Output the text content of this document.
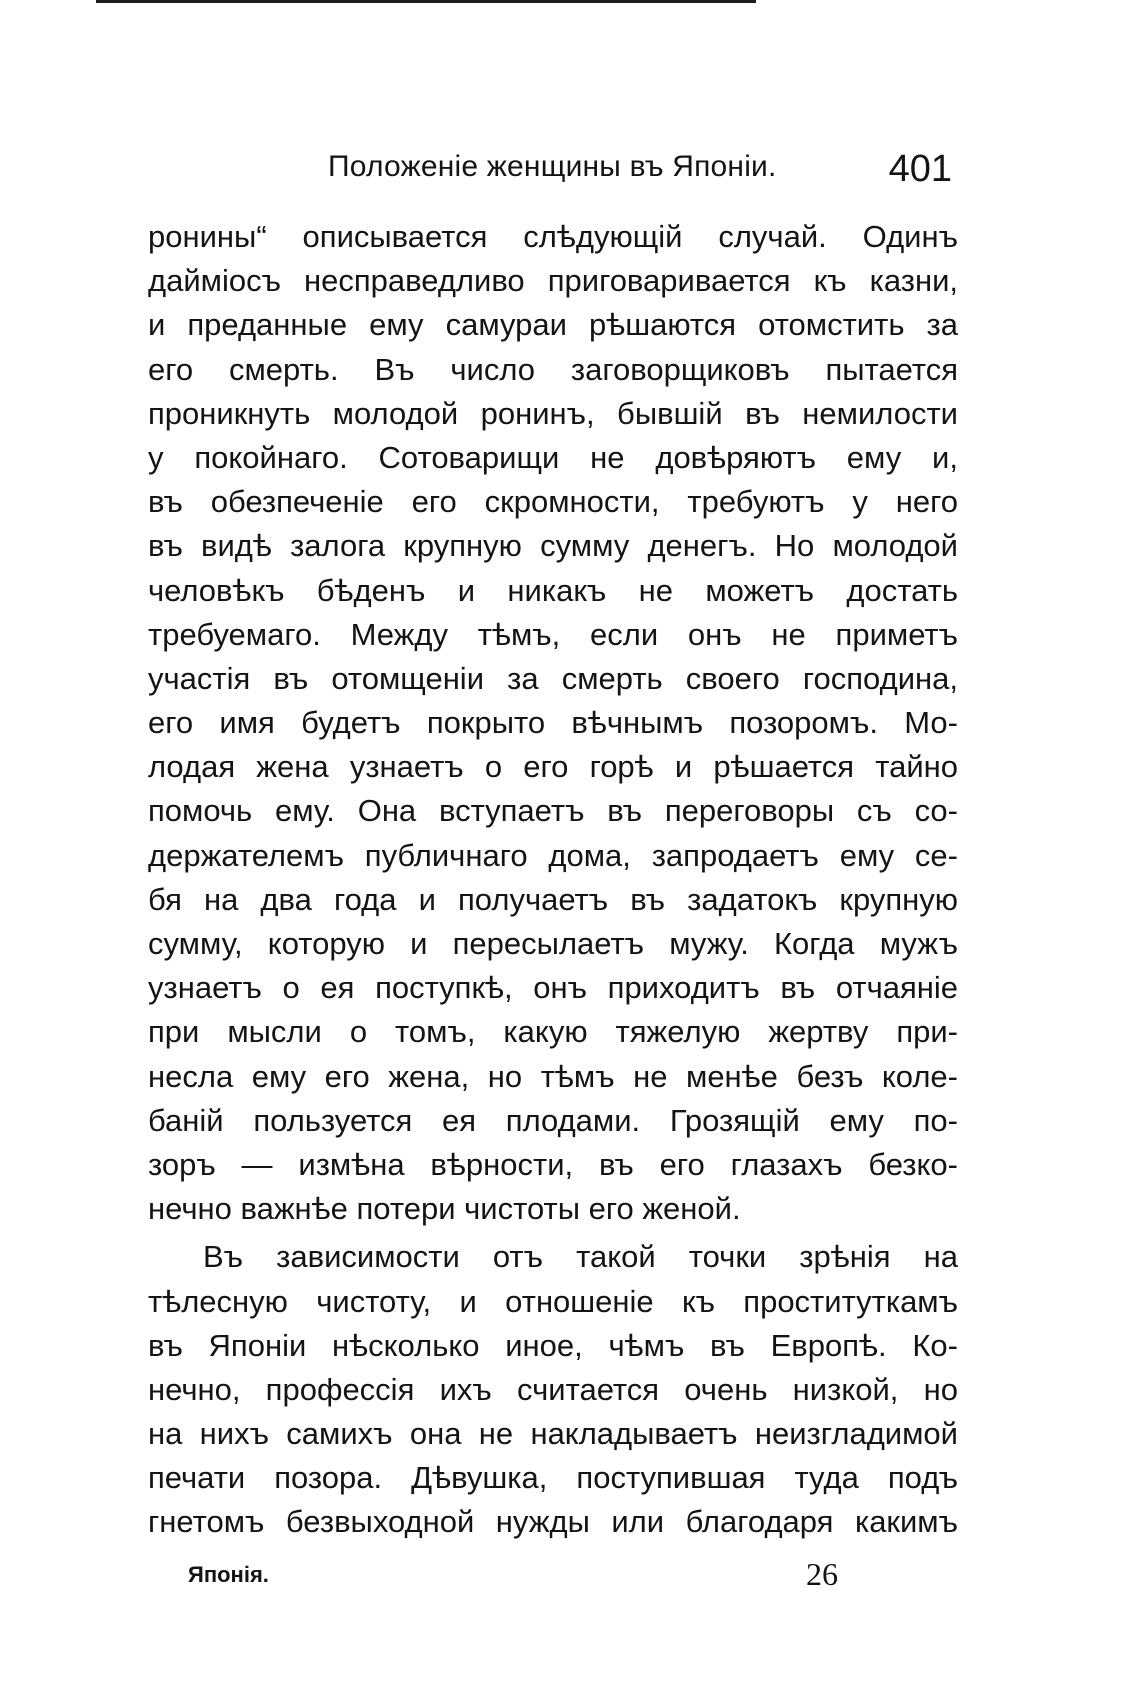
Положеніе женщины въ Японіи.	401
ронины“ описывается слѣдующій случай. Одинъ
даймiосъ несправедливо приговаривается къ казни,
и преданные ему самураи рѣшаются отомстить за
его смерть. Въ число заговорщиковъ пытается
проникнуть молодой ронинъ, бывшій въ немилости
у покойнаго. Сотоварищи не довѣряютъ ему и,
въ обезпеченіе его скромности, требуютъ у него
въ видѣ залога крупную сумму денегъ. Но молодой
человѣкъ бѣденъ и никакъ не можетъ достать
требуемаго. Между тѣмъ, если онъ не приметъ
участія въ отомщеніи за смерть своего господина,
его имя будетъ покрыто вѣчнымъ позоромъ. Мо-
лодая жена узнаетъ о его горѣ и рѣшается тайно
помочь ему. Она вступаетъ въ переговоры съ со-
держателемъ публичнаго дома, запродаетъ ему се-
бя на два года и получаетъ въ задатокъ крупную
сумму, которую и пересылаетъ мужу. Когда мужъ
узнаетъ о ея поступкѣ, онъ приходитъ въ отчаяніе
при мысли о томъ, какую тяжелую жертву при-
несла ему его жена, но тѣмъ не менѣе безъ коле-
баній пользуется ея плодами. Грозящій ему по-
зоръ — измѣна вѣрности, въ его глазахъ безко-
нечно важнѣе потери чистоты его женой.
Въ зависимости отъ такой точки зрѣнія на
тѣлесную чистоту, и отношеніе къ проституткамъ
въ Японіи нѣсколько иное, чѣмъ въ Европѣ. Ко-
нечно, профессія ихъ считается очень низкой, но
на нихъ самихъ она не накладываетъ неизгладимой
печати позора. Дѣвушка, поступившая туда подъ
гнетомъ безвыходной нужды или благодаря какимъ
Японія.	26
